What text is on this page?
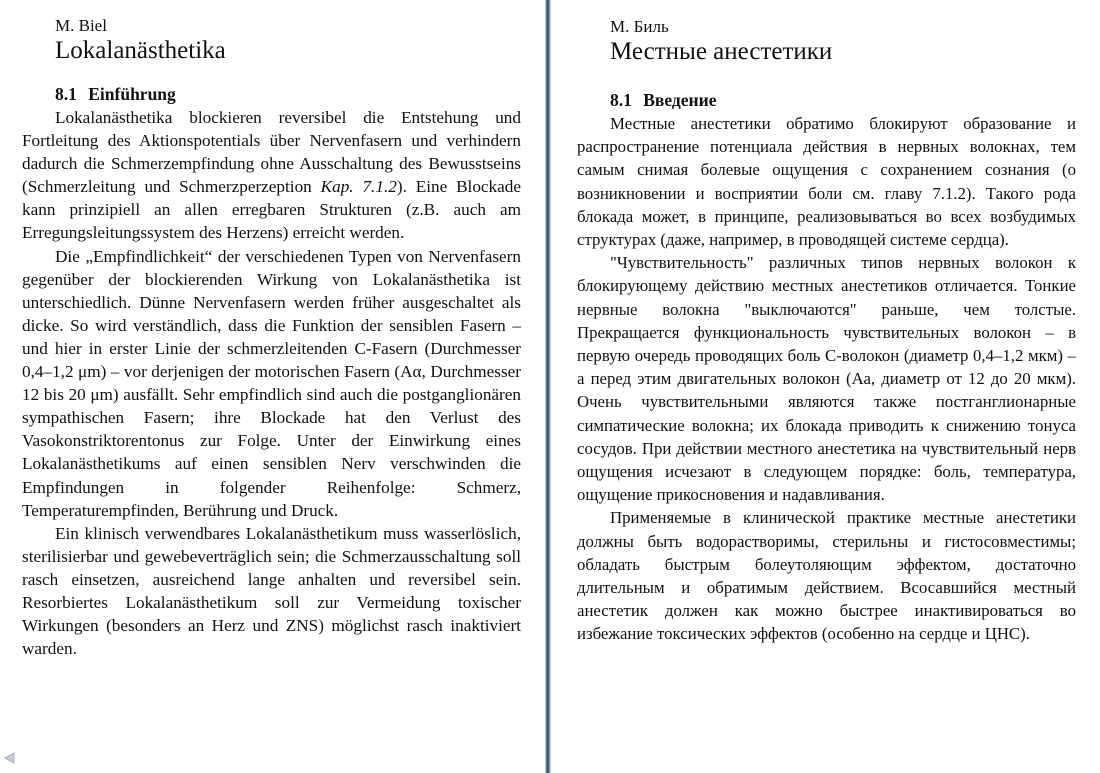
M. Biel
Lokalanästhetika
8.1 Einführung

Lokalanästhetika blockieren reversibel die Entstehung und Fortleitung des Aktionspotentials über Nervenfasern und verhindern dadurch die Schmerzempfindung ohne Ausschaltung des Bewusstseins (Schmerzleitung und Schmerzperzeption Kap. 7.1.2). Eine Blockade kann prinzipiell an allen erregbaren Strukturen (z.B. auch am Erregungsleitungssystem des Herzens) erreicht werden.

Die „Empfindlichkeit“ der verschiedenen Typen von Nervenfasern gegenüber der blockierenden Wirkung von Lokalanästhetika ist unterschiedlich. Dünne Nervenfasern werden früher ausgeschaltet als dicke. So wird verständlich, dass die Funktion der sensiblen Fasern – und hier in erster Linie der schmerzleitenden C-Fasern (Durchmesser 0,4–1,2 μm) – vor derjenigen der motorischen Fasern (Aα, Durchmesser 12 bis 20 μm) ausfällt. Sehr empfindlich sind auch die postganglionären sympathischen Fasern; ihre Blockade hat den Verlust des Vasokonstriktorentonus zur Folge. Unter der Einwirkung eines Lokalanästhetikums auf einen sensiblen Nerv verschwinden die Empfindungen in folgender Reihenfolge: Schmerz, Temperaturempfinden, Berührung und Druck.

Ein klinisch verwendbares Lokalanästhetikum muss wasserlöslich, sterilisierbar und gewebeverträglich sein; die Schmerzausschaltung soll rasch einsetzen, ausreichend lange anhalten und reversibel sein. Resorbiertes Lokalanästhetikum soll zur Vermeidung toxischer Wirkungen (besonders an Herz und ZNS) möglichst rasch inaktiviert warden.

М. Биль
Местные анестетики
8.1 Введение

Местные анестетики обратимо блокируют образование и распространение потенциала действия в нервных волокнах, тем самым снимая болевые ощущения с сохранением сознания (о возникновении и восприятии боли см. главу 7.1.2). Такого рода блокада может, в принципе, реализовываться во всех возбудимых структурах (даже, например, в проводящей системе сердца).

"Чувствительность" различных типов нервных волокон к блокирующему действию местных анестетиков отличается. Тонкие нервные волокна "выключаются" раньше, чем толстые. Прекращается функциональность чувствительных волокон – в первую очередь проводящих боль С-волокон (диаметр 0,4–1,2 мкм) – а перед этим двигательных волокон (Аа, диаметр от 12 до 20 мкм). Очень чувствительными являются также постганглионарные симпатические волокна; их блокада приводить к снижению тонуса сосудов. При действии местного анестетика на чувствительный нерв ощущения исчезают в следующем порядке: боль, температура, ощущение прикосновения и надавливания.

Применяемые в клинической практике местные анестетики должны быть водорастворимы, стерильны и гистосовместимы; обладать быстрым болеутоляющим эффектом, достаточно длительным и обратимым действием. Всосавшийся местный анестетик должен как можно быстрее инактивироваться во избежание токсических эффектов (особенно на сердце и ЦНС).
